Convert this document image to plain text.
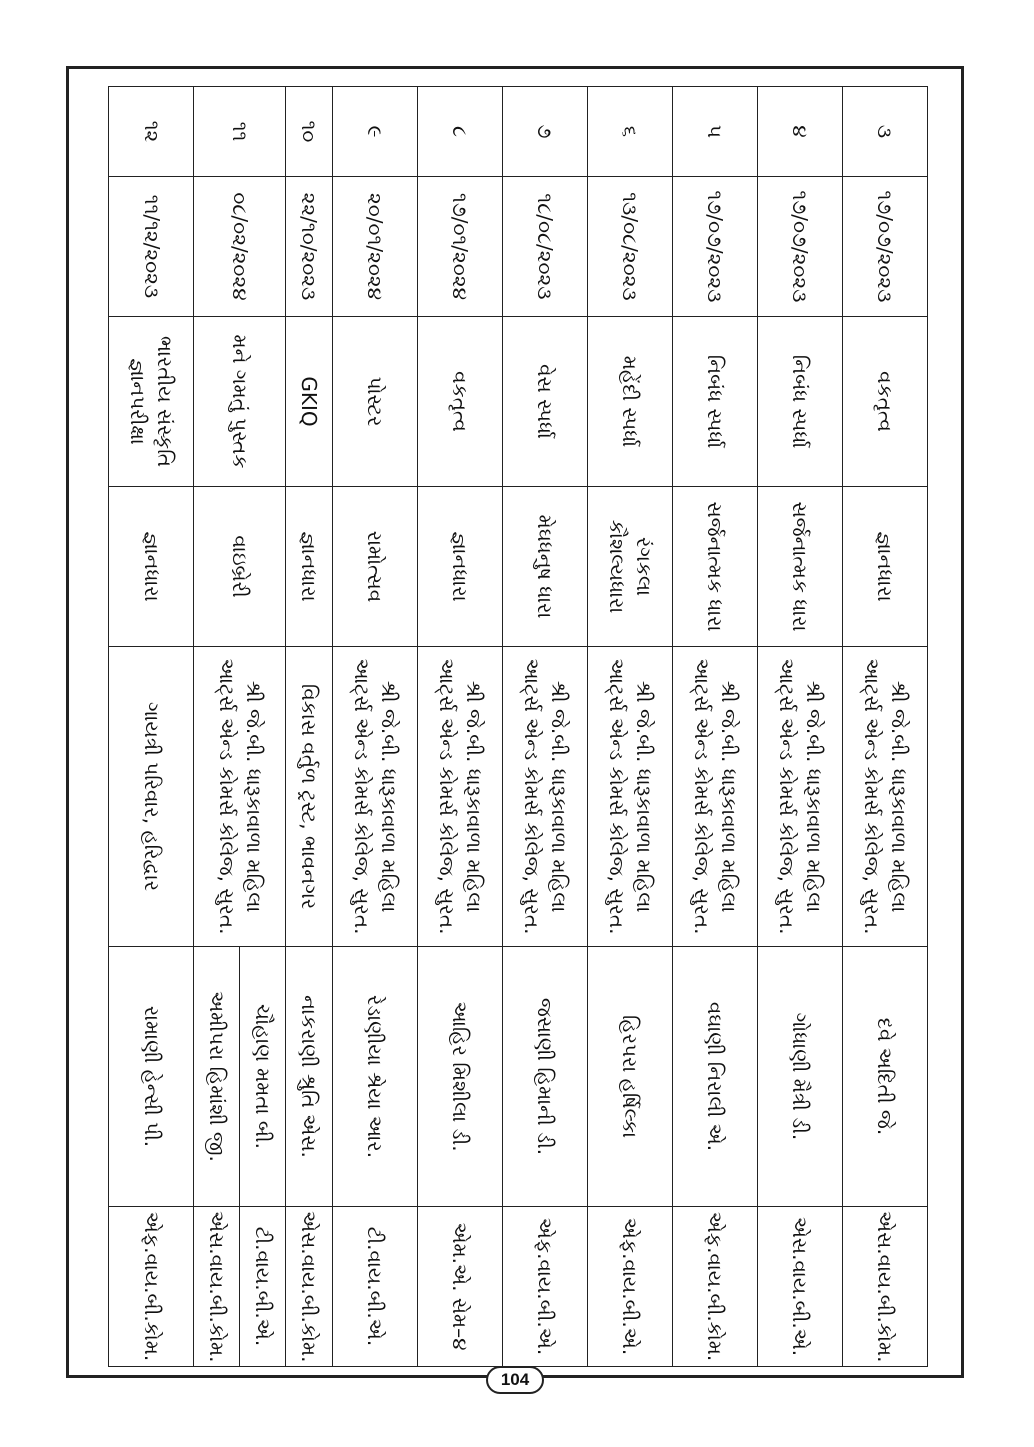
૩	૧૭/૦૭/૨૦૨૩	વકતૃત્વ	જ્ઞાનધારા	શ્રી જે.બી. ધારૂકાવાળા મહિલા
આર્ટ્સ એન્ડ કોમર્સ કોલેજ, સુરત.	દવે અદિતી જે.	એસ.વાય.બી.કોમ.
૪	૧૭/૦૭/૨૦૨૩	નિબંધ સ્પર્ધા	સર્જનાત્મક ધારા	શ્રી જે.બી. ધારૂકાવાળા મહિલા
આર્ટ્સ એન્ડ કોમર્સ કોલેજ, સુરત.	ગોધાણી મૈત્રી ડી.	એસ.વાય.બી.એ.
૫	૧૭/૦૭/૨૦૨૩	નિબંધ સ્પર્ધા	સર્જનાત્મક ધારા	શ્રી જે.બી. ધારૂકાવાળા મહિલા
આર્ટ્સ એન્ડ કોમર્સ કોલેજ, સુરત.	વઘાણી નિરાલી એ.	એફ.વાય.બી.કોમ.
૬	૧૩/૦૮/૨૦૨૩	મહેંદી સ્પર્ધા	રંગકલા
કૌશલ્યધારા	શ્રી જે.બી. ધારૂકાવાળા મહિલા
આર્ટ્સ એન્ડ કોમર્સ કોલેજ, સુરત.	હિરપરા હર્ષિલ્કા	એફ.વાય.બી.એ.
૭	૧૮/૦૮/૨૦૨૩	વેસ સ્પર્ધા	મેઘધનુષ ધારા	શ્રી જે.બી. ધારૂકાવાળા મહિલા
આર્ટ્સ એન્ડ કોમર્સ કોલેજ, સુરત.	જસાણી હિમાની ડી.	એફ.વાય.બી.એ.
૮	૧૭/૦૧/૨૦૨૪	વકતૃત્વ	જ્ઞાનધારા	શ્રી જે.બી. ધારૂકાવાળા મહિલા
આર્ટ્સ એન્ડ કોમર્સ કોલેજ, સુરત.	આહિર મિશીલા ડી.	એમ.એ. સેમ–૪
૯	૨૦/૦૧/૨૦૨૪	પોસ્ટર	રામોત્સવ	શ્રી જે.બી. ધારૂકાવાળા મહિલા
આર્ટ્સ એન્ડ કોમર્સ કોલેજ, સુરત.	રેડાણીયા શ્રેયા આર.	ટી.વાય.બી.એ.
૧૦	૨૨/૧૦/૨૦૨૩	GKIQ	જ્ઞાનધારા	વિકાસ વર્તુળ ટ્રસ્ટ, ભાવનગર	નાકરાણી શ્રુતિ એસ.	એસ.વાય.બી.કોમ.
૧૧	૦૮/૦૨/૨૦૨૪	મને ગમતું પુસ્તક	વાઇબ્રેરી	શ્રી જે.બી. ધારૂકાવાળા મહિલા
આર્ટ્સ એન્ડ કોમર્સ કોલેજ, સુરત.	ચૌહાણ મમતા બી.	ટી.વાય.બી.એ.
					અમીપરા હિમાંશી જી.	એસ.વાય.બી.કોમ.
૧૨	૧૧/૧૨/૨૦૨૩	ભારતીય સંસ્કૃતિ
જ્ઞાનપરીક્ષા	જ્ઞાનધારા	ગાયત્રી પરિવાર, હરિદ્વાર	રામાણી હેન્સી પી.	એફ.વાય.બી.કોમ.
104
